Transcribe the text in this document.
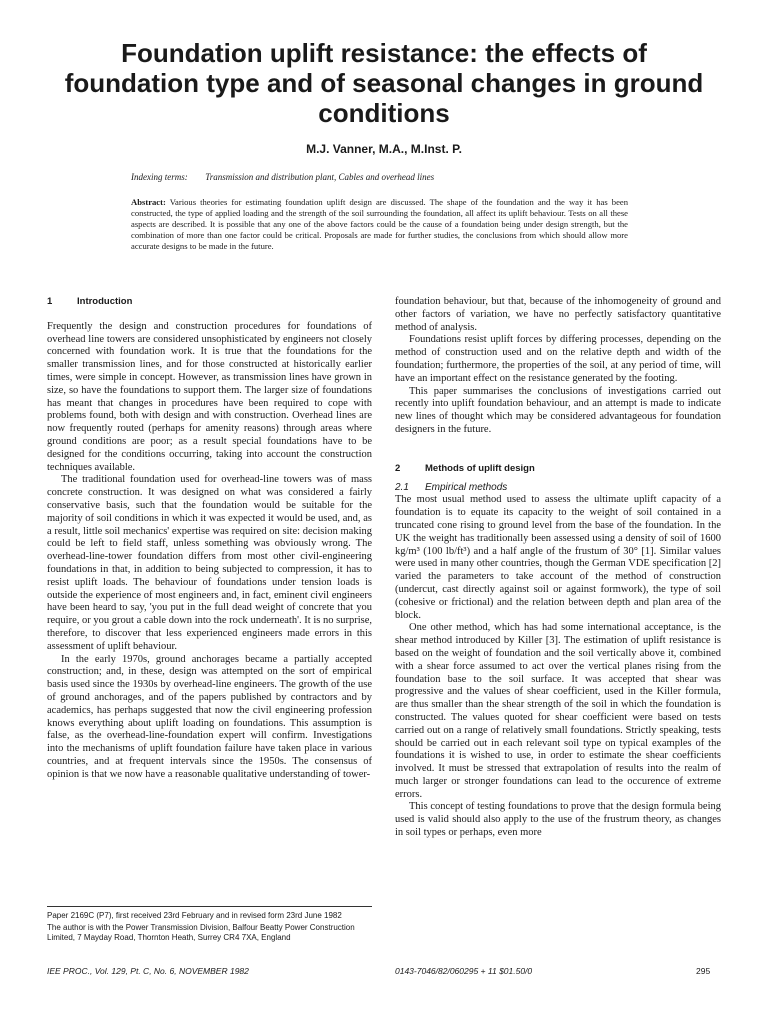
Foundation uplift resistance: the effects of foundation type and of seasonal changes in ground conditions
M.J. Vanner, M.A., M.Inst. P.
Indexing terms: Transmission and distribution plant, Cables and overhead lines
Abstract: Various theories for estimating foundation uplift design are discussed. The shape of the foundation and the way it has been constructed, the type of applied loading and the strength of the soil surrounding the foundation, all affect its uplift behaviour. Tests on all these aspects are described. It is possible that any one of the above factors could be the cause of a foundation being under design strength, but the combination of more than one factor could be critical. Proposals are made for further studies, the conclusions from which should allow more accurate designs to be made in the future.
1	Introduction

Frequently the design and construction procedures for foundations of overhead line towers are considered unsophisticated by engineers not closely concerned with foundation work. It is true that the foundations for the smaller transmission lines, and for those constructed at historically earlier times, were simple in concept. However, as transmission lines have grown in size, so have the foundations to support them. The larger size of foundations has meant that changes in procedures have been required to cope with problems found, both with design and with construction. Overhead lines are now frequently routed (perhaps for amenity reasons) through areas where ground conditions are poor; as a result special foundations have to be designed for the conditions occurring, taking into account the construction techniques available.

The traditional foundation used for overhead-line towers was of mass concrete construction. It was designed on what was considered a fairly conservative basis, such that the foundation would be suitable for the majority of soil conditions in which it was expected it would be used, and, as a result, little soil mechanics' expertise was required on site: decision making could be left to field staff, unless something was obviously wrong. The overhead-line-tower foundation differs from most other civil-engineering foundations in that, in addition to being subjected to compression, it has to resist uplift loads. The behaviour of foundations under tension loads is outside the experience of most engineers and, in fact, eminent civil engineers have been heard to say, 'you put in the full dead weight of concrete that you require, or you grout a cable down into the rock underneath'. It is no surprise, therefore, to discover that less experienced engineers made errors in this assessment of uplift behaviour.

In the early 1970s, ground anchorages became a partially accepted construction; and, in these, design was attempted on the sort of empirical basis used since the 1930s by overhead-line engineers. The growth of the use of ground anchorages, and of the papers published by contractors and by academics, has perhaps suggested that now the civil engineering profession knows everything about uplift loading on foundations. This assumption is false, as the overhead-line-foundation expert will confirm. Investigations into the mechanisms of uplift foundation failure have taken place in various countries, and at frequent intervals since the 1950s. The consensus of opinion is that we now have a reasonable qualitative understanding of tower-

foundation behaviour, but that, because of the inhomogeneity of ground and other factors of variation, we have no perfectly satisfactory quantitative method of analysis.

Foundations resist uplift forces by differing processes, depending on the method of construction used and on the relative depth and width of the foundation; furthermore, the properties of the soil, at any period of time, will have an important effect on the resistance generated by the footing.

This paper summarises the conclusions of investigations carried out recently into uplift foundation behaviour, and an attempt is made to indicate new lines of thought which may be considered advantageous for foundation designers in the future.

2	Methods of uplift design
2.1 Empirical methods

The most usual method used to assess the ultimate uplift capacity of a foundation is to equate its capacity to the weight of soil contained in a truncated cone rising to ground level from the base of the foundation. In the UK the weight has traditionally been assessed using a density of soil of 1600 kg/m³ (100 lb/ft³) and a half angle of the frustum of 30° [1]. Similar values were used in many other countries, though the German VDE specification [2] varied the parameters to take account of the method of construction (undercut, cast directly against soil or against formwork), the type of soil (cohesive or frictional) and the relation between depth and plan area of the block.

One other method, which has had some international acceptance, is the shear method introduced by Killer [3]. The estimation of uplift resistance is based on the weight of foundation and the soil vertically above it, combined with a shear force assumed to act over the vertical planes rising from the foundation base to the soil surface. It was accepted that shear was progressive and the values of shear coefficient, used in the Killer formula, are thus smaller than the shear strength of the soil in which the foundation is constructed. The values quoted for shear coefficient were based on tests carried out on a range of relatively small foundations. Strictly speaking, tests should be carried out in each relevant soil type on typical examples of the foundations it is wished to use, in order to estimate the shear coefficients involved. It must be stressed that extrapolation of results into the realm of much larger or stronger foundations can lead to the occurence of extreme errors.

This concept of testing foundations to prove that the design formula being used is valid should also apply to the use of the frustrum theory, as changes in soil types or perhaps, even more

Paper 2169C (P7), first received 23rd February and in revised form 23rd June 1982

The author is with the Power Transmission Division, Balfour Beatty Power Construction Limited, 7 Mayday Road, Thornton Heath, Surrey CR4 7XA, England

IEE PROC., Vol. 129, Pt. C, No. 6, NOVEMBER 1982	0143-7046/82/060295 + 11 $01.50/0	295
